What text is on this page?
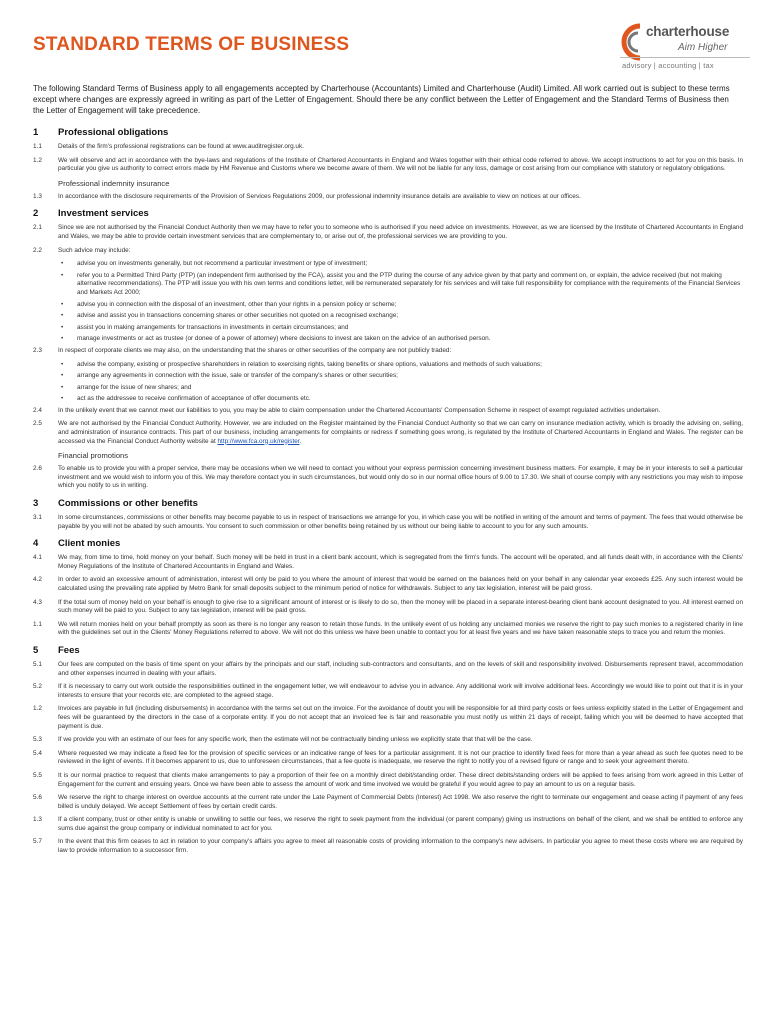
STANDARD TERMS OF BUSINESS
charterhouse
Aim Higher
advisory | accounting | tax
The following Standard Terms of Business apply to all engagements accepted by Charterhouse (Accountants) Limited and Charterhouse (Audit) Limited. All work carried out is subject to these terms except where changes are expressly agreed in writing as part of the Letter of Engagement. Should there be any conflict between the Letter of Engagement and the Standard Terms of Business then the Letter of Engagement will take precedence.
1	Professional obligations
1.1	Details of the firm's professional registrations can be found at www.auditregister.org.uk.
1.2	We will observe and act in accordance with the bye-laws and regulations of the Institute of Chartered Accountants in England and Wales together with their ethical code referred to above. We accept instructions to act for you on this basis. In particular you give us authority to correct errors made by HM Revenue and Customs where we become aware of them. We will not be liable for any loss, damage or cost arising from our compliance with statutory or regulatory obligations.
Professional indemnity insurance
1.3	In accordance with the disclosure requirements of the Provision of Services Regulations 2009, our professional indemnity insurance details are available to view on notices at our offices.
2	Investment services
2.1	Since we are not authorised by the Financial Conduct Authority then we may have to refer you to someone who is authorised if you need advice on investments. However, as we are licensed by the Institute of Chartered Accountants in England and Wales, we may be able to provide certain investment services that are complementary to, or arise out of, the professional services we are providing to you.
2.2	Such advice may include:
•	advise you on investments generally, but not recommend a particular investment or type of investment;
•	refer you to a Permitted Third Party (PTP) (an independent firm authorised by the FCA), assist you and the PTP during the course of any advice given by that party and comment on, or explain, the advice received (but not making alternative recommendations). The PTP will issue you with his own terms and conditions letter, will be remunerated separately for his services and will take full responsibility for compliance with the requirements of the Financial Services and Markets Act 2000;
•	advise you in connection with the disposal of an investment, other than your rights in a pension policy or scheme;
•	advise and assist you in transactions concerning shares or other securities not quoted on a recognised exchange;
•	assist you in making arrangements for transactions in investments in certain circumstances; and
•	manage investments or act as trustee (or donee of a power of attorney) where decisions to invest are taken on the advice of an authorised person.
2.3	In respect of corporate clients we may also, on the understanding that the shares or other securities of the company are not publicly traded:
•	advise the company, existing or prospective shareholders in relation to exercising rights, taking benefits or share options, valuations and methods of such valuations;
•	arrange any agreements in connection with the issue, sale or transfer of the company's shares or other securities;
•	arrange for the issue of new shares; and
•	act as the addressee to receive confirmation of acceptance of offer documents etc.
2.4	In the unlikely event that we cannot meet our liabilities to you, you may be able to claim compensation under the Chartered Accountants' Compensation Scheme in respect of exempt regulated activities undertaken.
2.5	We are not authorised by the Financial Conduct Authority. However, we are included on the Register maintained by the Financial Conduct Authority so that we can carry on insurance mediation activity, which is broadly the advising on, selling, and administration of insurance contracts. This part of our business, including arrangements for complaints or redress if something goes wrong, is regulated by the Institute of Chartered Accountants in England and Wales. The register can be accessed via the Financial Conduct Authority website at http://www.fca.org.uk/register.
Financial promotions
2.6	To enable us to provide you with a proper service, there may be occasions when we will need to contact you without your express permission concerning investment business matters. For example, it may be in your interests to sell a particular investment and we would wish to inform you of this. We may therefore contact you in such circumstances, but would only do so in our normal office hours of 9.00 to 17.30. We shall of course comply with any restrictions you may wish to impose which you notify to us in writing.
3	Commissions or other benefits
3.1	In some circumstances, commissions or other benefits may become payable to us in respect of transactions we arrange for you, in which case you will be notified in writing of the amount and terms of payment. The fees that would otherwise be payable by you will not be abated by such amounts. You consent to such commission or other benefits being retained by us without our being liable to account to you for any such amounts.
4	Client monies
4.1	We may, from time to time, hold money on your behalf. Such money will be held in trust in a client bank account, which is segregated from the firm's funds. The account will be operated, and all funds dealt with, in accordance with the Clients' Money Regulations of the Institute of Chartered Accountants in England and Wales.
4.2	In order to avoid an excessive amount of administration, interest will only be paid to you where the amount of interest that would be earned on the balances held on your behalf in any calendar year exceeds £25. Any such interest would be calculated using the prevailing rate applied by Metro Bank for small deposits subject to the minimum period of notice for withdrawals. Subject to any tax legislation, interest will be paid gross.
4.3	If the total sum of money held on your behalf is enough to give rise to a significant amount of interest or is likely to do so, then the money will be placed in a separate interest-bearing client bank account designated to you. All interest earned on such money will be paid to you. Subject to any tax legislation, interest will be paid gross.
1.1	We will return monies held on your behalf promptly as soon as there is no longer any reason to retain those funds. In the unlikely event of us holding any unclaimed monies we reserve the right to pay such monies to a registered charity in line with the guidelines set out in the Clients' Money Regulations referred to above. We will not do this unless we have been unable to contact you for at least five years and we have taken reasonable steps to trace you and return the monies.
5	Fees
5.1	Our fees are computed on the basis of time spent on your affairs by the principals and our staff, including sub-contractors and consultants, and on the levels of skill and responsibility involved. Disbursements represent travel, accommodation and other expenses incurred in dealing with your affairs.
5.2	If it is necessary to carry out work outside the responsibilities outlined in the engagement letter, we will endeavour to advise you in advance. Any additional work will involve additional fees. Accordingly we would like to point out that it is in your interests to ensure that your records etc. are completed to the agreed stage.
1.2	Invoices are payable in full (including disbursements) in accordance with the terms set out on the invoice. For the avoidance of doubt you will be responsible for all third party costs or fees unless explicitly stated in the Letter of Engagement and fees will be guaranteed by the directors in the case of a corporate entity. If you do not accept that an invoiced fee is fair and reasonable you must notify us within 21 days of receipt, failing which you will be deemed to have accepted that payment is due.
5.3	If we provide you with an estimate of our fees for any specific work, then the estimate will not be contractually binding unless we explicitly state that that will be the case.
5.4	Where requested we may indicate a fixed fee for the provision of specific services or an indicative range of fees for a particular assignment. It is not our practice to identify fixed fees for more than a year ahead as such fee quotes need to be reviewed in the light of events. If it becomes apparent to us, due to unforeseen circumstances, that a fee quote is inadequate, we reserve the right to notify you of a revised figure or range and to seek your agreement thereto.
5.5	It is our normal practice to request that clients make arrangements to pay a proportion of their fee on a monthly direct debit/standing order. These direct debits/standing orders will be applied to fees arising from work agreed in this Letter of Engagement for the current and ensuing years. Once we have been able to assess the amount of work and time involved we would be grateful if you would agree to pay an amount to us on a regular basis.
5.6	We reserve the right to charge interest on overdue accounts at the current rate under the Late Payment of Commercial Debts (Interest) Act 1998. We also reserve the right to terminate our engagement and cease acting if payment of any fees billed is unduly delayed. We accept Settlement of fees by certain credit cards.
1.3	If a client company, trust or other entity is unable or unwilling to settle our fees, we reserve the right to seek payment from the individual (or parent company) giving us instructions on behalf of the client, and we shall be entitled to enforce any sums due against the group company or individual nominated to act for you.
5.7	In the event that this firm ceases to act in relation to your company's affairs you agree to meet all reasonable costs of providing information to the company's new advisers. In particular you agree to meet these costs where we are required by law to provide information to a successor firm.
